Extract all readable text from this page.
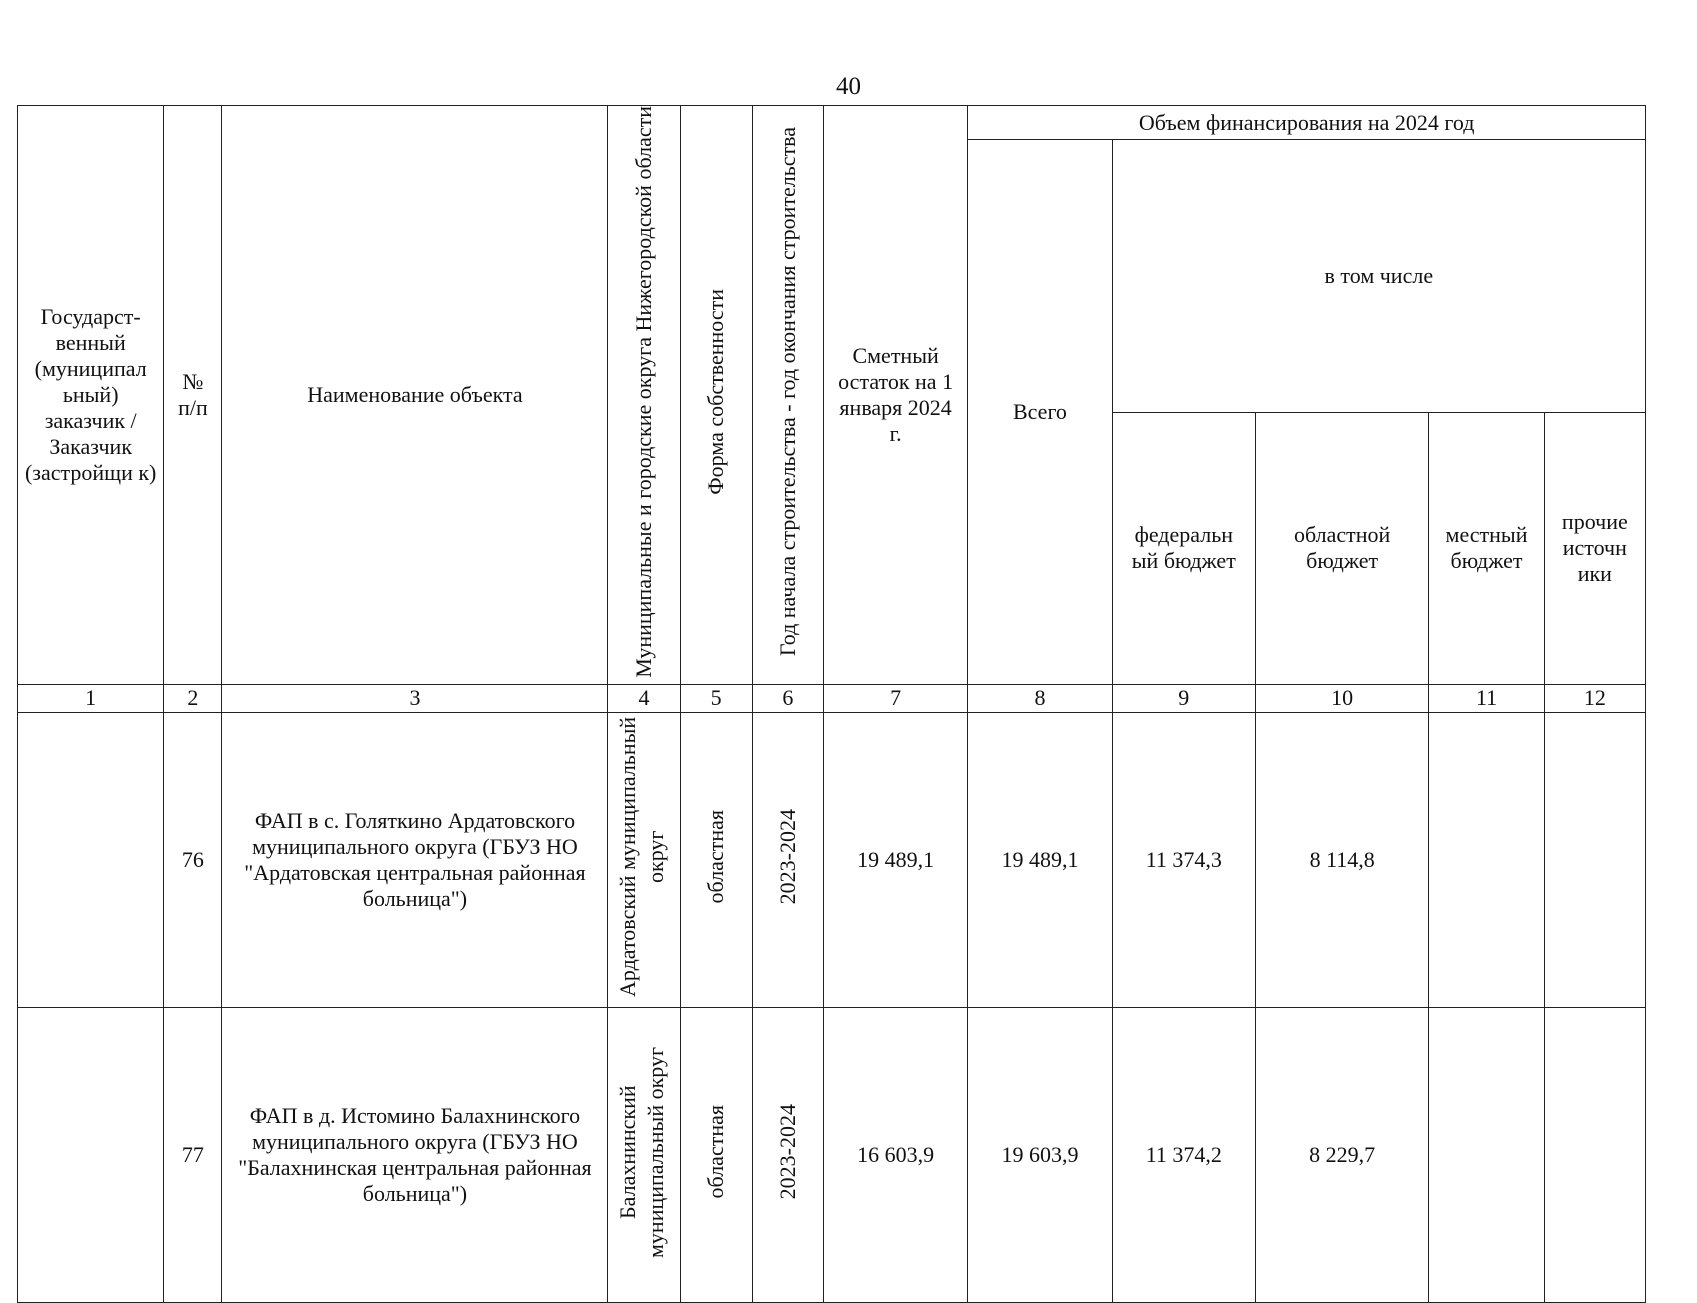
40
Государст-венный (муниципал ьный) заказчик / Заказчик (застройщи к)	№ п/п	Наименование объекта	Муниципальные и городские округа Нижегородской области	Форма собственности	Год начала строительства - год окончания строительства	Сметный остаток на 1 января 2024 г.	Объем финансирования на 2024 год				
							Всего	в том числе			
								федеральн ый бюджет	областной бюджет	местный бюджет	прочие источн ики
1	2	3	4	5	6	7	8	9	10	11	12
	76	ФАП в с. Голяткино Ардатовского муниципального округа (ГБУЗ НО "Ардатовская центральная районная больница")	Ардатовский муниципальный округ	областная	2023-2024	19 489,1	19 489,1	11 374,3	8 114,8		
	77	ФАП в д. Истомино Балахнинского муниципального округа (ГБУЗ НО "Балахнинская центральная районная больница")	Балахнинский муниципальный округ	областная	2023-2024	16 603,9	19 603,9	11 374,2	8 229,7		
